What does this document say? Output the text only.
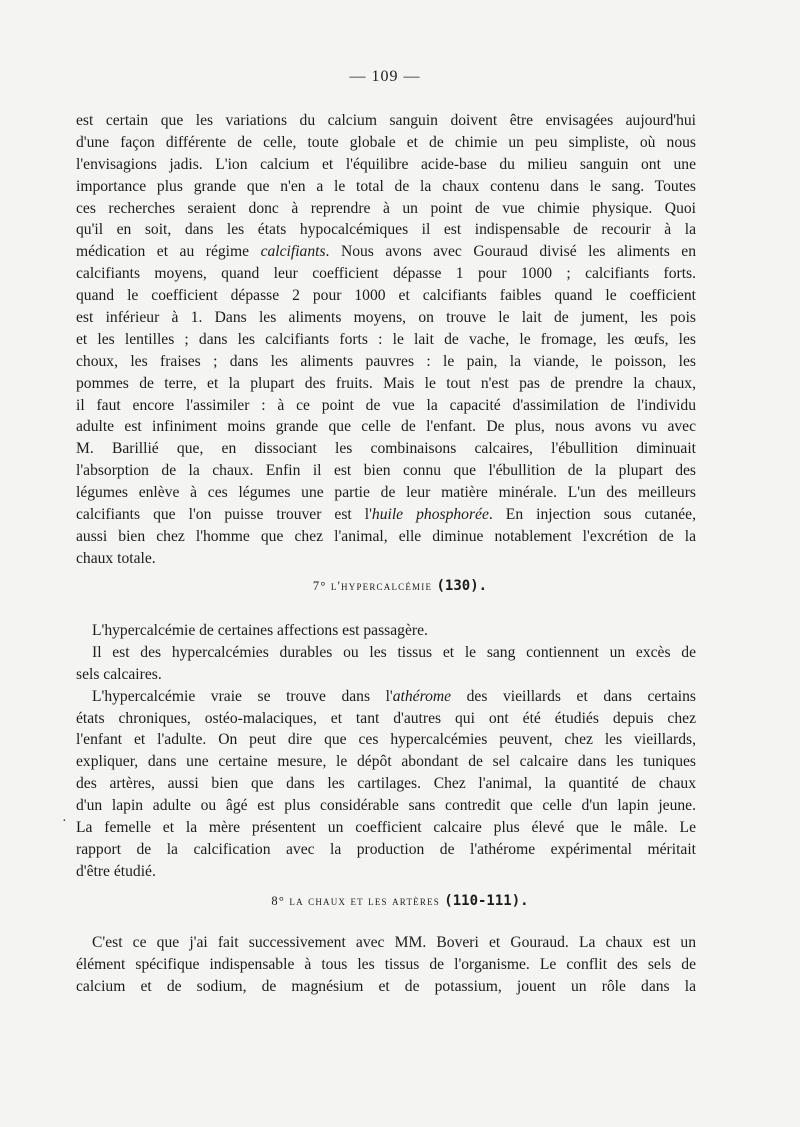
— 109 —
est certain que les variations du calcium sanguin doivent être envisagées aujourd'hui
d'une façon différente de celle, toute globale et de chimie un peu simpliste, où nous
l'envisagions jadis. L'ion calcium et l'équilibre acide-base du milieu sanguin ont une
importance plus grande que n'en a le total de la chaux contenu dans le sang. Toutes
ces recherches seraient donc à reprendre à un point de vue chimie physique. Quoi
qu'il en soit, dans les états hypocalcémiques il est indispensable de recourir à la
médication et au régime calcifiants. Nous avons avec Gouraud divisé les aliments en
calcifiants moyens, quand leur coefficient dépasse 1 pour 1000 ; calcifiants forts.
quand le coefficient dépasse 2 pour 1000 et calcifiants faibles quand le coefficient
est inférieur à 1. Dans les aliments moyens, on trouve le lait de jument, les pois
et les lentilles ; dans les calcifiants forts : le lait de vache, le fromage, les œufs, les
choux, les fraises ; dans les aliments pauvres : le pain, la viande, le poisson, les
pommes de terre, et la plupart des fruits. Mais le tout n'est pas de prendre la chaux,
il faut encore l'assimiler : à ce point de vue la capacité d'assimilation de l'individu
adulte est infiniment moins grande que celle de l'enfant. De plus, nous avons vu avec
M. Barillié que, en dissociant les combinaisons calcaires, l'ébullition diminuait
l'absorption de la chaux. Enfin il est bien connu que l'ébullition de la plupart des
légumes enlève à ces légumes une partie de leur matière minérale. L'un des meilleurs
calcifiants que l'on puisse trouver est l'huile phosphorée. En injection sous cutanée,
aussi bien chez l'homme que chez l'animal, elle diminue notablement l'excrétion de la
chaux totale.
7° l'hypercalcémie (130).
L'hypercalcémie de certaines affections est passagère.
Il est des hypercalcémies durables ou les tissus et le sang contiennent un excès de
sels calcaires.
L'hypercalcémie vraie se trouve dans l'athérome des vieillards et dans certains
états chroniques, ostéo-malaciques, et tant d'autres qui ont été étudiés depuis chez
l'enfant et l'adulte. On peut dire que ces hypercalcémies peuvent, chez les vieillards,
expliquer, dans une certaine mesure, le dépôt abondant de sel calcaire dans les tuniques
des artères, aussi bien que dans les cartilages. Chez l'animal, la quantité de chaux
d'un lapin adulte ou âgé est plus considérable sans contredit que celle d'un lapin jeune.
La femelle et la mère présentent un coefficient calcaire plus élevé que le mâle. Le
rapport de la calcification avec la production de l'athérome expérimental méritait
d'être étudié.
·
8° la chaux et les artères (110-111).
C'est ce que j'ai fait successivement avec MM. Boveri et Gouraud. La chaux est un
élément spécifique indispensable à tous les tissus de l'organisme. Le conflit des sels de
calcium et de sodium, de magnésium et de potassium, jouent un rôle dans la
